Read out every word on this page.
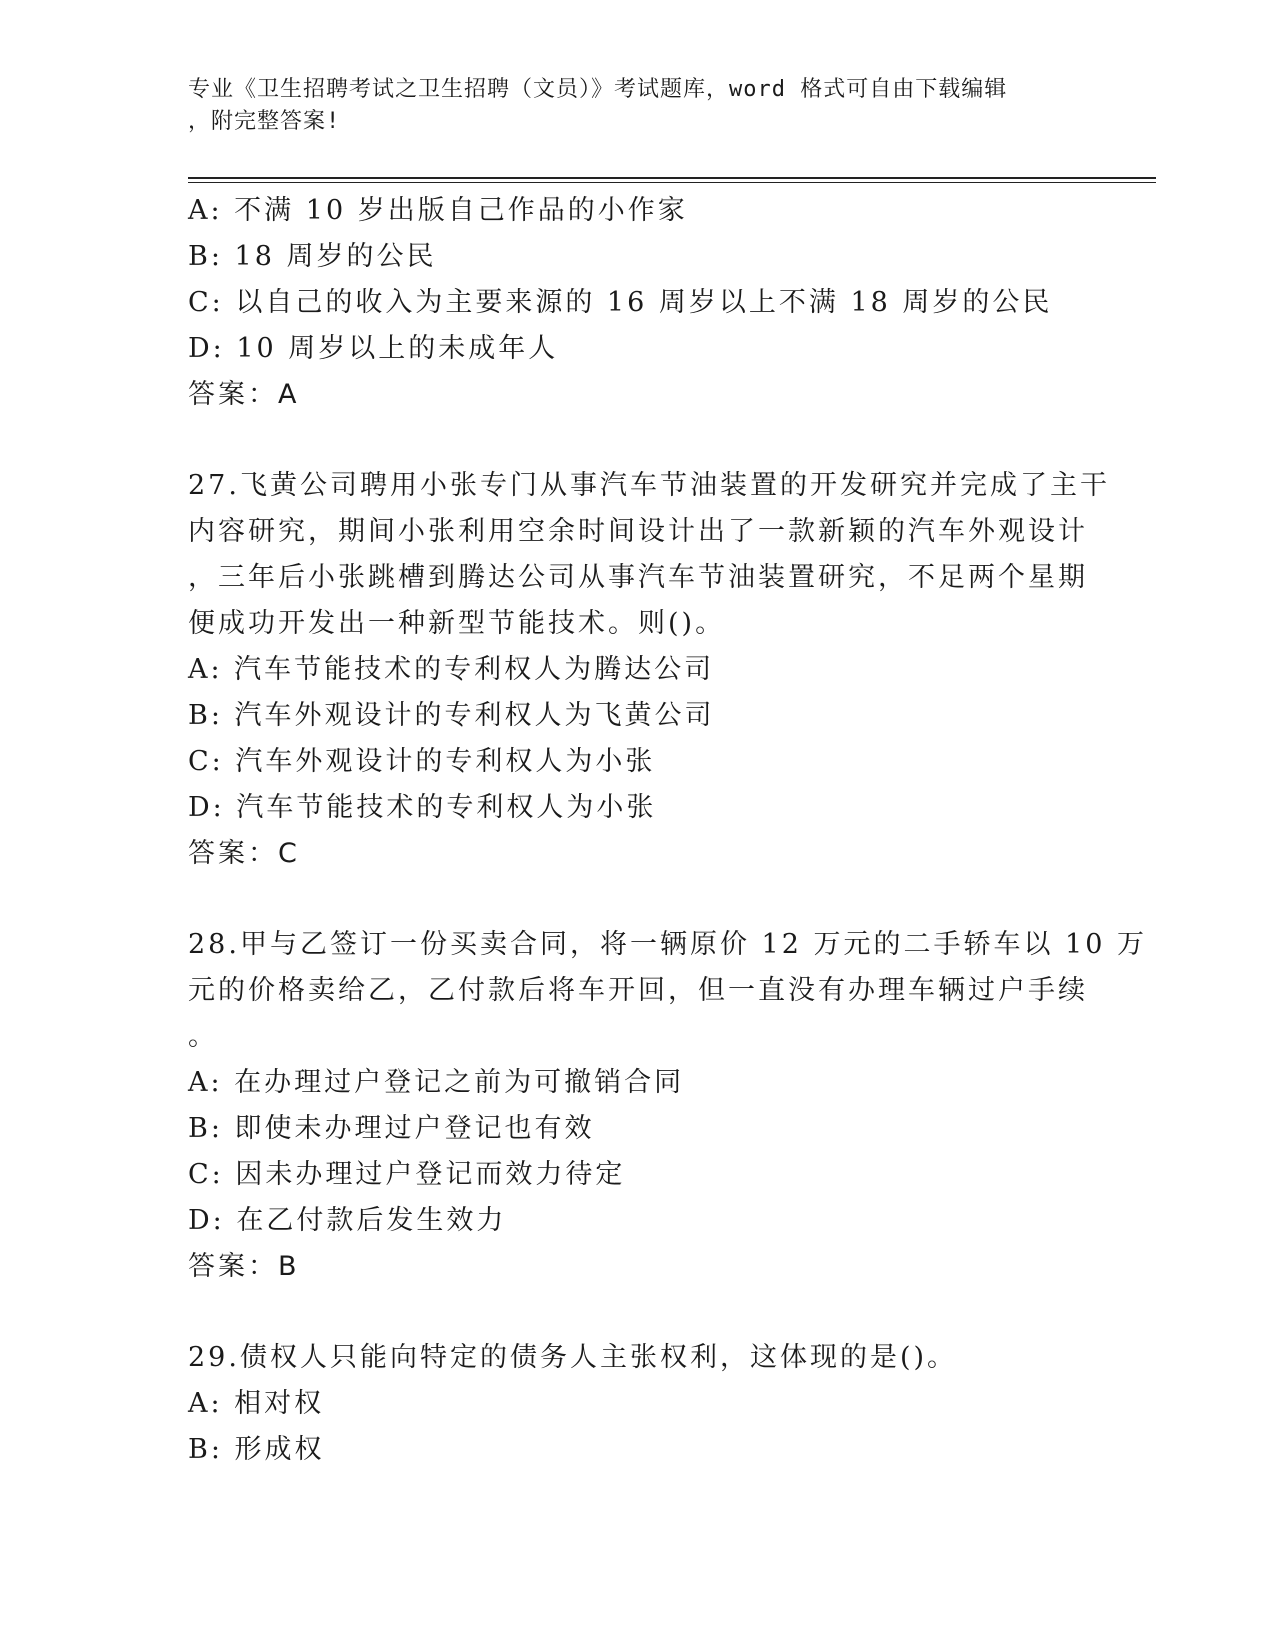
专业《卫生招聘考试之卫生招聘（文员）》考试题库，word 格式可自由下载编辑
，附完整答案!
A: 不满 10 岁出版自己作品的小作家
B: 18 周岁的公民
C: 以自己的收入为主要来源的 16 周岁以上不满 18 周岁的公民
D: 10 周岁以上的未成年人
答案：A
27.飞黄公司聘用小张专门从事汽车节油装置的开发研究并完成了主干
内容研究，期间小张利用空余时间设计出了一款新颖的汽车外观设计
，三年后小张跳槽到腾达公司从事汽车节油装置研究，不足两个星期
便成功开发出一种新型节能技术。则()。
A: 汽车节能技术的专利权人为腾达公司
B: 汽车外观设计的专利权人为飞黄公司
C: 汽车外观设计的专利权人为小张
D: 汽车节能技术的专利权人为小张
答案：C
28.甲与乙签订一份买卖合同，将一辆原价 12 万元的二手轿车以 10 万
元的价格卖给乙，乙付款后将车开回，但一直没有办理车辆过户手续
。
A: 在办理过户登记之前为可撤销合同
B: 即使未办理过户登记也有效
C: 因未办理过户登记而效力待定
D: 在乙付款后发生效力
答案：B
29.债权人只能向特定的债务人主张权利，这体现的是()。
A: 相对权
B: 形成权
